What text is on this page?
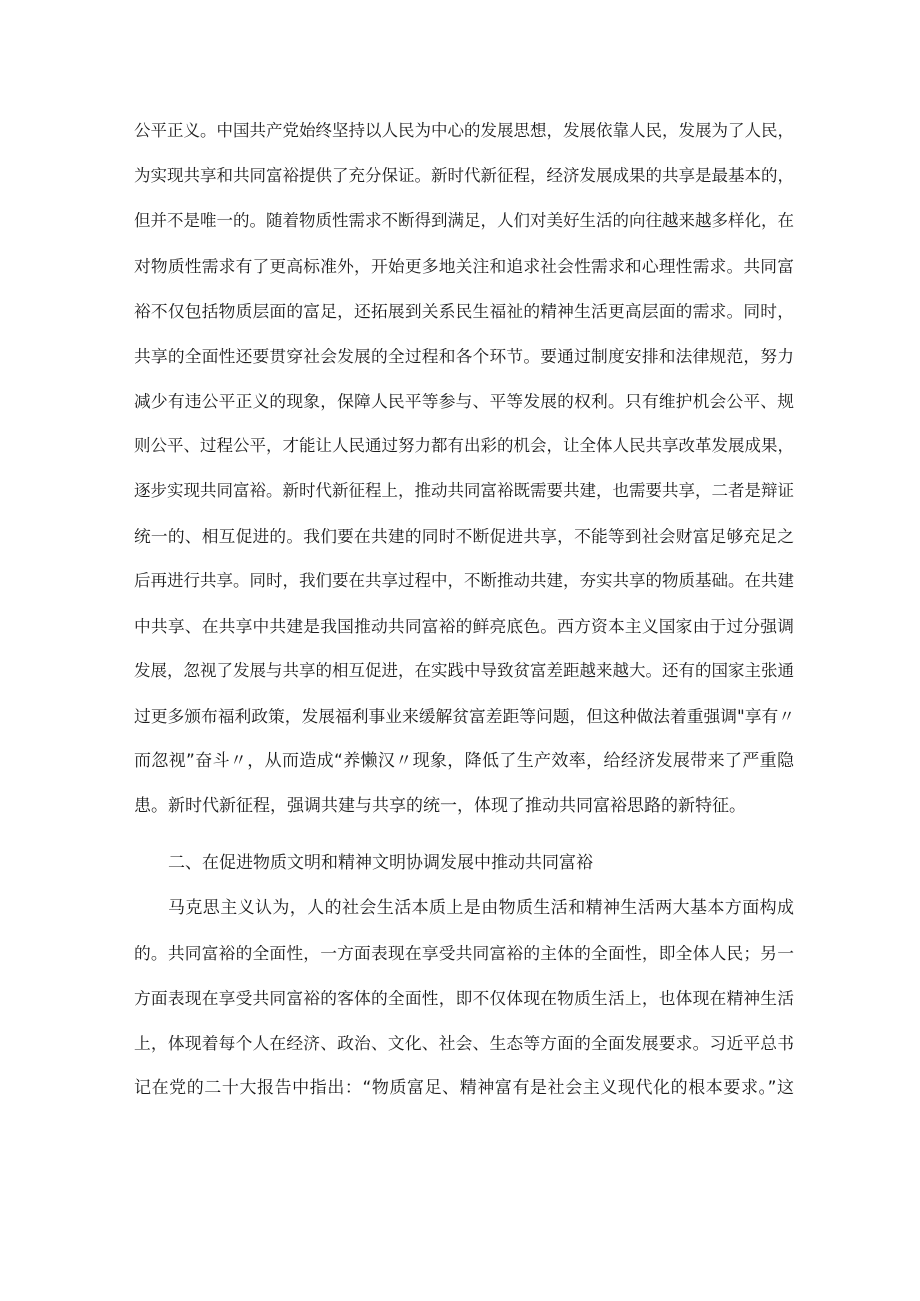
公平正义。中国共产党始终坚持以人民为中心的发展思想，发展依靠人民，发展为了人民，
为实现共享和共同富裕提供了充分保证。新时代新征程，经济发展成果的共享是最基本的，
但并不是唯一的。随着物质性需求不断得到满足，人们对美好生活的向往越来越多样化，在
对物质性需求有了更高标准外，开始更多地关注和追求社会性需求和心理性需求。共同富
裕不仅包括物质层面的富足，还拓展到关系民生福祉的精神生活更高层面的需求。同时，
共享的全面性还要贯穿社会发展的全过程和各个环节。要通过制度安排和法律规范，努力
减少有违公平正义的现象，保障人民平等参与、平等发展的权利。只有维护机会公平、规
则公平、过程公平，才能让人民通过努力都有出彩的机会，让全体人民共享改革发展成果，
逐步实现共同富裕。新时代新征程上，推动共同富裕既需要共建，也需要共享，二者是辩证
统一的、相互促进的。我们要在共建的同时不断促进共享，不能等到社会财富足够充足之
后再进行共享。同时，我们要在共享过程中，不断推动共建，夯实共享的物质基础。在共建
中共享、在共享中共建是我国推动共同富裕的鲜亮底色。西方资本主义国家由于过分强调
发展，忽视了发展与共享的相互促进，在实践中导致贫富差距越来越大。还有的国家主张通
过更多颁布福利政策，发展福利事业来缓解贫富差距等问题，但这种做法着重强调"享有〃
而忽视”奋斗〃，从而造成“养懒汉〃现象，降低了生产效率，给经济发展带来了严重隐
患。新时代新征程，强调共建与共享的统一，体现了推动共同富裕思路的新特征。
二、在促进物质文明和精神文明协调发展中推动共同富裕
马克思主义认为，人的社会生活本质上是由物质生活和精神生活两大基本方面构成
的。共同富裕的全面性，一方面表现在享受共同富裕的主体的全面性，即全体人民；另一
方面表现在享受共同富裕的客体的全面性，即不仅体现在物质生活上，也体现在精神生活
上，体现着每个人在经济、政治、文化、社会、生态等方面的全面发展要求。习近平总书
记在党的二十大报告中指出：“物质富足、精神富有是社会主义现代化的根本要求。”这
